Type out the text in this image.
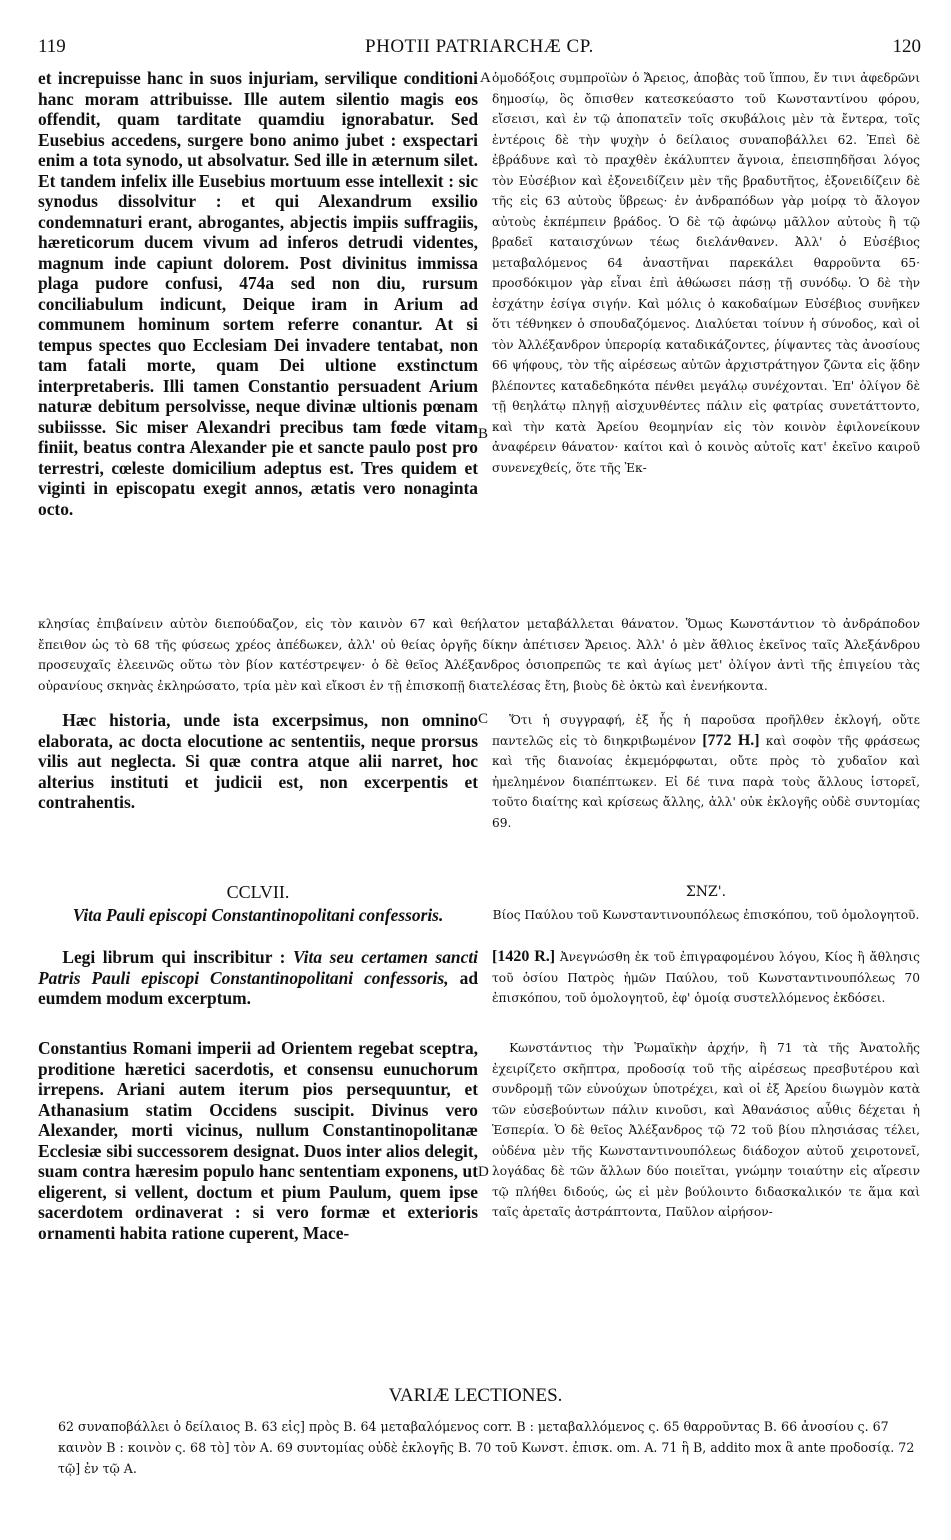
119	PHOTII PATRIARCHÆ CP.	120
A
B
C
D
et increpuisse hanc in suos injuriam, servilique conditioni hanc moram attribuisse. Ille autem silentio magis eos offendit, quam tarditate quamdiu ignorabatur. Sed Eusebius accedens, surgere bono animo jubet : exspectari enim a tota synodo, ut absolvatur. Sed ille in æternum silet. Et tandem infelix ille Eusebius mortuum esse intellexit : sic synodus dissolvitur : et qui Alexandrum exsilio condemnaturi erant, abrogantes, abjectis impiis suffragiis, hæreticorum ducem vivum ad inferos detrudi videntes, magnum inde capiunt dolorem. Post divinitus immissa plaga pudore confusi, 474a sed non diu, rursum conciliabulum indicunt, Deique iram in Arium ad communem hominum sortem referre conantur. At si tempus spectes quo Ecclesiam Dei invadere tentabat, non tam fatali morte, quam Dei ultione exstinctum interpretaberis. Illi tamen Constantio persuadent Arium naturæ debitum persolvisse, neque divinæ ultionis pœnam subiissse. Sic miser Alexandri precibus tam fœde vitam finiit, beatus contra Alexander pie et sancte paulo post pro terrestri, cœleste domicilium adeptus est. Tres quidem et viginti in episcopatu exegit annos, ætatis vero nonaginta octo.
ὁμοδόξοις συμπροϊὼν ὁ Ἄρειος, ἀποβὰς τοῦ ἵππου, ἔν τινι ἀφεδρῶνι δημοσίῳ, ὃς ὄπισθεν κατεσκεύαστο τοῦ Κωνσταντίνου φόρου, εἴσεισι, καὶ ἐν τῷ ἀποπατεῖν τοῖς σκυβάλοις μὲν τὰ ἔντερα, τοῖς ἐντέροις δὲ τὴν ψυχὴν ὁ δείλαιος συναποβάλλει 62. Ἐπεὶ δὲ ἐβράδυνε καὶ τὸ πραχθὲν ἐκάλυπτεν ἄγνοια, ἐπεισπηδῆσαι λόγος τὸν Εὐσέβιον καὶ ἐξονειδίζειν μὲν τῆς βραδυτῆτος, ἐξονειδίζειν δὲ τῆς εἰς 63 αὐτοὺς ὕβρεως· ἐν ἀνδραπόδων γὰρ μοίρᾳ τὸ ἄλογον αὐτοὺς ἐκπέμπειν βράδος. Ὁ δὲ τῷ ἀφώνῳ μᾶλλον αὐτοὺς ἢ τῷ βραδεῖ καταισχύνων τέως διελάνθανεν. Ἀλλ' ὁ Εὐσέβιος μεταβαλόμενος 64 ἀναστῆναι παρεκάλει θαρροῦντα 65· προσδόκιμον γὰρ εἶναι ἐπὶ ἀθώωσει πάσῃ τῇ συνόδῳ. Ὁ δὲ τὴν ἐσχάτην ἐσίγα σιγήν. Καὶ μόλις ὁ κακοδαίμων Εὐσέβιος συνῆκεν ὅτι τέθνηκεν ὁ σπουδαζόμενος. Διαλύεται τοίνυν ἡ σύνοδος, καὶ οἱ τὸν Ἀλλέξανδρον ὑπερορίᾳ καταδικάζοντες, ῥίψαντες τὰς ἀνοσίους 66 ψήφους, τὸν τῆς αἱρέσεως αὐτῶν ἀρχιστράτηγον ζῶντα εἰς ᾅδην βλέποντες καταδεδηκότα πένθει μεγάλῳ συνέχονται. Ἐπ' ὀλίγον δὲ τῇ θεηλάτῳ πληγῇ αἰσχυνθέντες πάλιν εἰς φατρίας συνετάττοντο, καὶ τὴν κατὰ Ἀρείου θεομηνίαν εἰς τὸν κοινὸν ἐφιλονείκουν ἀναφέρειν θάνατον· καίτοι καὶ ὁ κοινὸς αὐτοῖς κατ' ἐκεῖνο καιροῦ συνενεχθείς, ὅτε τῆς Ἐκ-
κλησίας ἐπιβαίνειν αὐτὸν διεπούδαζον, εἰς τὸν καινὸν 67 καὶ θεήλατον μεταβάλλεται θάνατον. Ὅμως Κωνστάντιον τὸ ἀνδράποδον ἔπειθον ὡς τὸ 68 τῆς φύσεως χρέος ἀπέδωκεν, ἀλλ' οὐ θείας ὀργῆς δίκην ἀπέτισεν Ἄρειος. Ἀλλ' ὁ μὲν ἄθλιος ἐκεῖνος ταῖς Ἀλεξάνδρου προσευχαῖς ἐλεεινῶς οὕτω τὸν βίον κατέστρεψεν· ὁ δὲ θεῖος Ἀλέξανδρος ὁσιοπρεπῶς τε καὶ ἁγίως μετ' ὀλίγον ἀντὶ τῆς ἐπιγείου τὰς οὐρανίους σκηνὰς ἐκληρώσατο, τρία μὲν καὶ εἴκοσι ἐν τῇ ἐπισκοπῇ διατελέσας ἔτη, βιοὺς δὲ ὀκτὼ καὶ ἐνενήκοντα.
Hæc historia, unde ista excerpsimus, non omnino elaborata, ac docta elocutione ac sententiis, neque prorsus vilis aut neglecta. Si quæ contra atque alii narret, hoc alterius instituti et judicii est, non excerpentis et contrahentis.
Ὅτι ἡ συγγραφή, ἐξ ἧς ἡ παροῦσα προῆλθεν ἐκλογή, οὔτε παντελῶς εἰς τὸ διηκριβωμένον [772 H.] καὶ σοφὸν τῆς φράσεως καὶ τῆς διανοίας ἐκμεμόρφωται, οὔτε πρὸς τὸ χυδαῖον καὶ ἠμελημένον διαπέπτωκεν. Εἰ δέ τινα παρὰ τοὺς ἄλλους ἱστορεῖ, τοῦτο διαίτης καὶ κρίσεως ἄλλης, ἀλλ' οὐκ ἐκλογῆς οὐδὲ συντομίας 69.
CCLVII.
Vita Pauli episcopi Constantinopolitani confessoris.
ΣΝΖ'.
Βίος Παύλου τοῦ Κωνσταντινουπόλεως ἐπισκόπου, τοῦ ὁμολογητοῦ.
Legi librum qui inscribitur : Vita seu certamen sancti Patris Pauli episcopi Constantinopolitani confessoris, ad eumdem modum excerptum.
[1420 R.] Ἀνεγνώσθη ἐκ τοῦ ἐπιγραφομένου λόγου, Κίος ἢ ἄθλησις τοῦ ὁσίου Πατρὸς ἡμῶν Παύλου, τοῦ Κωνσταντινουπόλεως 70 ἐπισκόπου, τοῦ ὁμολογητοῦ, ἐφ' ὁμοίᾳ συστελλόμενος ἐκδόσει.
Constantius Romani imperii ad Orientem regebat sceptra, proditione hæretici sacerdotis, et consensu eunuchorum irrepens. Ariani autem iterum pios persequuntur, et Athanasium statim Occidens suscipit. Divinus vero Alexander, morti vicinus, nullum Constantinopolitanæ Ecclesiæ sibi successorem designat. Duos inter alios delegit, suam contra hæresim populo hanc sententiam exponens, ut eligerent, si vellent, doctum et pium Paulum, quem ipse sacerdotem ordinaverat : si vero formæ et exterioris ornamenti habita ratione cuperent, Mace-
Κωνστάντιος τὴν Ῥωμαϊκὴν ἀρχήν, ἢ 71 τὰ τῆς Ἀνατολῆς ἐχειρίζετο σκῆπτρα, προδοσίᾳ τοῦ τῆς αἱρέσεως πρεσβυτέρου καὶ συνδρομῇ τῶν εὐνούχων ὑποτρέχει, καὶ οἱ ἐξ Ἀρείου διωγμὸν κατὰ τῶν εὐσεβούντων πάλιν κινοῦσι, καὶ Ἀθανάσιος αὖθις δέχεται ἡ Ἑσπερία. Ὁ δὲ θεῖος Ἀλέξανδρος τῷ 72 τοῦ βίου πλησιάσας τέλει, οὐδένα μὲν τῆς Κωνσταντινουπόλεως διάδοχον αὐτοῦ χειροτονεῖ, λογάδας δὲ τῶν ἄλλων δύο ποιεῖται, γνώμην τοιαύτην εἰς αἵρεσιν τῷ πλήθει διδούς, ὡς εἰ μὲν βούλοιντο διδασκαλικόν τε ἅμα καὶ ταῖς ἀρεταῖς ἀστράπτοντα, Παῦλον αἱρήσον-
VARIÆ LECTIONES.
62 συναποβάλλει ὁ δείλαιος B. 63 εἰς] πρὸς B. 64 μεταβαλόμενος corr. B : μεταβαλλόμενος ς. 65 θαρροῦντας B. 66 ἀνοσίου ς. 67 καινὸν B : κοινὸν ς. 68 τὸ] τὸν A. 69 συντομίας οὐδὲ ἐκλογῆς B. 70 τοῦ Κωνστ. ἐπισκ. om. A. 71 ἣ B, addito mox ἃ ante προδοσίᾳ. 72 τῷ] ἐν τῷ A.
